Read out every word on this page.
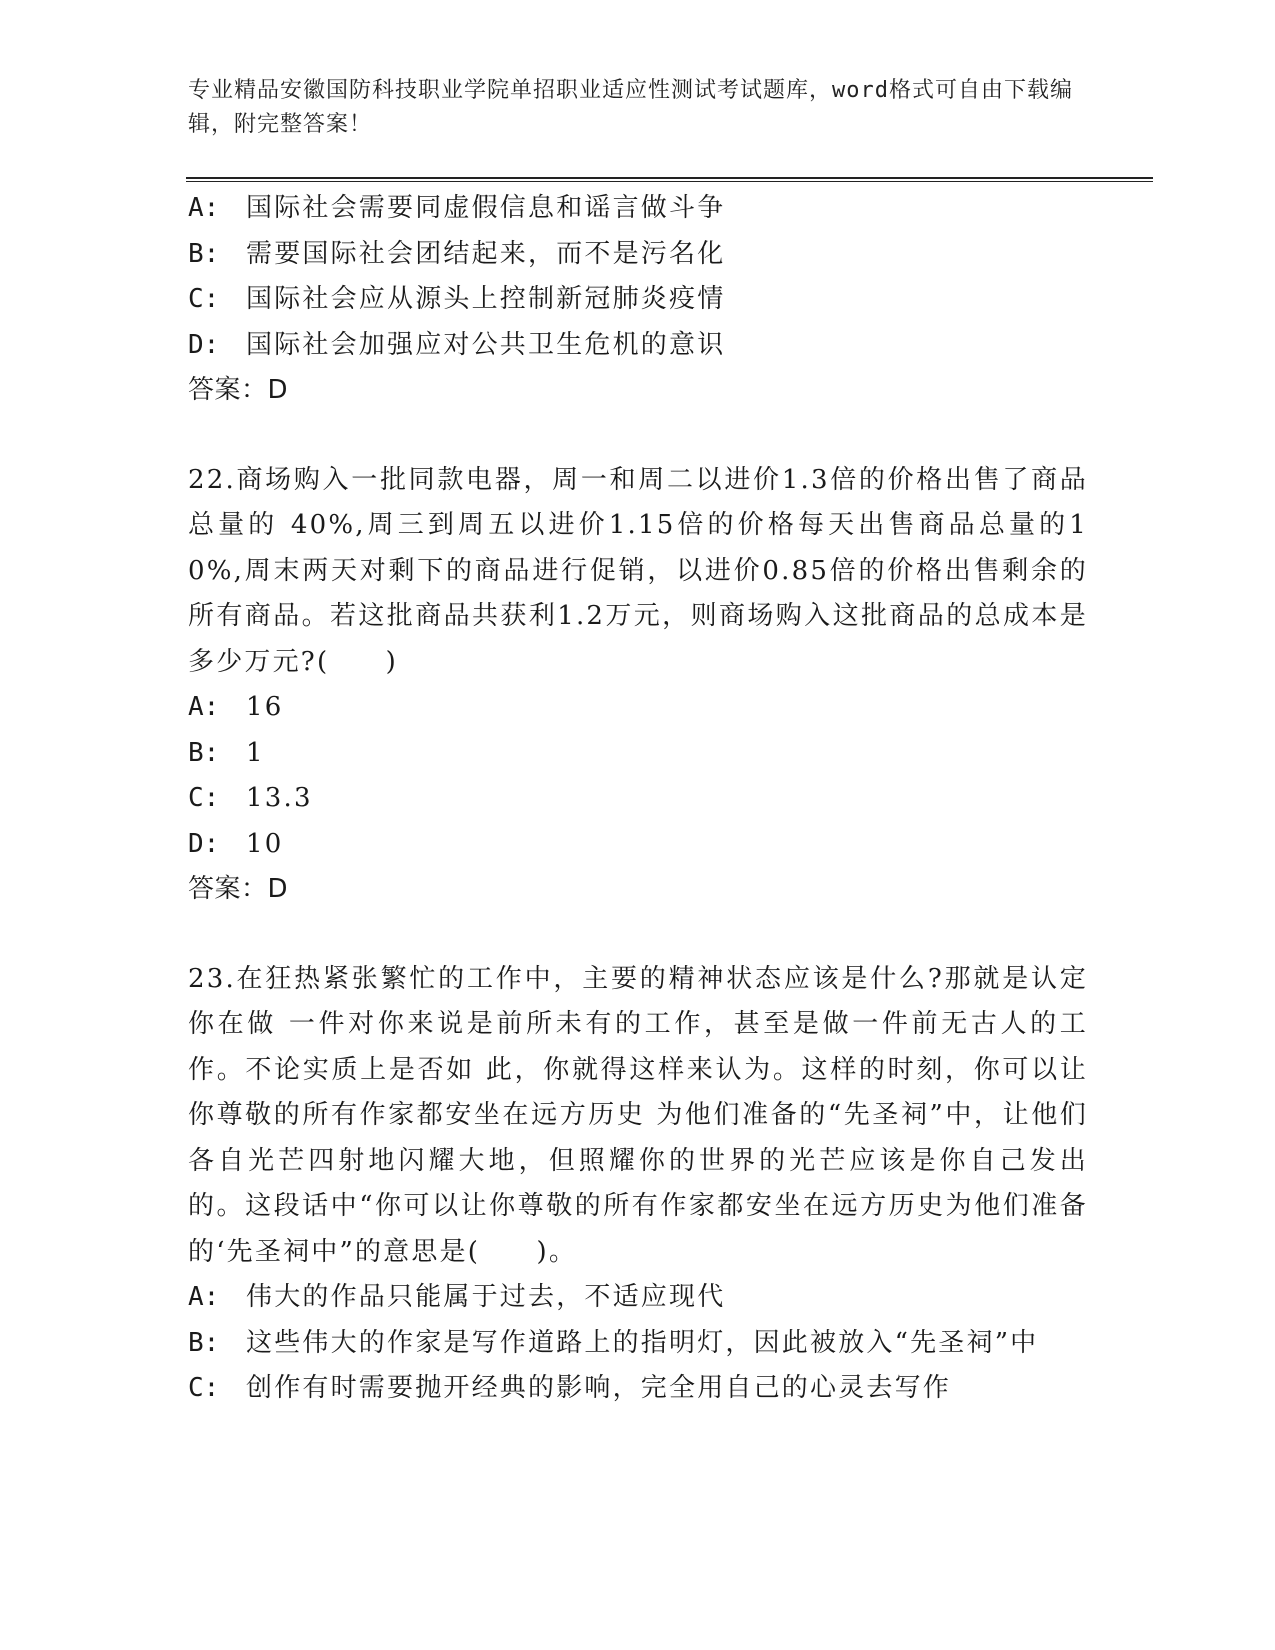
专业精品安徽国防科技职业学院单招职业适应性测试考试题库，word格式可自由下载编辑，附完整答案！
A: 国际社会需要同虚假信息和谣言做斗争
B: 需要国际社会团结起来，而不是污名化
C: 国际社会应从源头上控制新冠肺炎疫情
D: 国际社会加强应对公共卫生危机的意识
答案：D
22.商场购入一批同款电器，周一和周二以进价1.3倍的价格出售了商品总量的 40%,周三到周五以进价1.15倍的价格每天出售商品总量的10%,周末两天对剩下的商品进行促销，以进价0.85倍的价格出售剩余的所有商品。若这批商品共获利1.2万元，则商场购入这批商品的总成本是多少万元?(　　)
A: 16
B: 1
C: 13.3
D: 10
答案：D
23.在狂热紧张繁忙的工作中，主要的精神状态应该是什么?那就是认定你在做 一件对你来说是前所未有的工作，甚至是做一件前无古人的工作。不论实质上是否如 此，你就得这样来认为。这样的时刻，你可以让你尊敬的所有作家都安坐在远方历史 为他们准备的“先圣祠”中，让他们各自光芒四射地闪耀大地，但照耀你的世界的光芒应该是你自己发出的。这段话中“你可以让你尊敬的所有作家都安坐在远方历史为他们准备的‘先圣祠中”的意思是(　　)。
A: 伟大的作品只能属于过去，不适应现代
B: 这些伟大的作家是写作道路上的指明灯，因此被放入“先圣祠”中
C: 创作有时需要抛开经典的影响，完全用自己的心灵去写作
